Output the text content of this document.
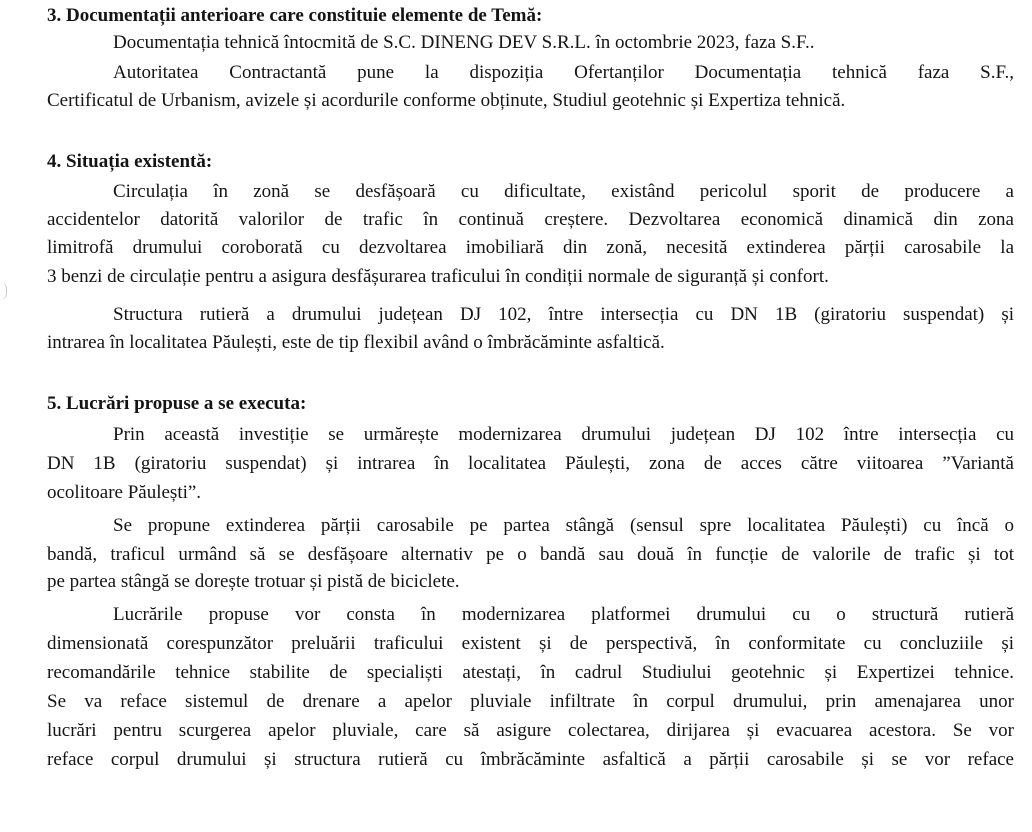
3. Documentații anterioare care constituie elemente de Temă:
Documentația tehnică întocmită de S.C. DINENG DEV S.R.L. în octombrie 2023, faza S.F..
Autoritatea Contractantă pune la dispoziția Ofertanților Documentația tehnică faza S.F.,
Certificatul de Urbanism, avizele și acordurile conforme obținute, Studiul geotehnic și Expertiza tehnică.
4. Situația existentă:
Circulația în zonă se desfășoară cu dificultate, existând pericolul sporit de producere a
accidentelor datorită valorilor de trafic în continuă creștere. Dezvoltarea economică dinamică din zona
limitrofă drumului coroborată cu dezvoltarea imobiliară din zonă, necesită extinderea părții carosabile la
3 benzi de circulație pentru a asigura desfășurarea traficului în condiții normale de siguranță și confort.
Structura rutieră a drumului județean DJ 102, între intersecția cu DN 1B (giratoriu suspendat) și
intrarea în localitatea Păulești, este de tip flexibil având o îmbrăcăminte asfaltică.
5. Lucrări propuse a se executa:
Prin această investiție se urmărește modernizarea drumului județean DJ 102 între intersecția cu
DN 1B (giratoriu suspendat) și intrarea în localitatea Păulești, zona de acces către viitoarea ”Variantă
ocolitoare Păulești”.
Se propune extinderea părții carosabile pe partea stângă (sensul spre localitatea Păulești) cu încă o
bandă, traficul urmând să se desfășoare alternativ pe o bandă sau două în funcție de valorile de trafic și tot
pe partea stângă se dorește trotuar și pistă de biciclete.
Lucrările propuse vor consta în modernizarea platformei drumului cu o structură rutieră
dimensionată corespunzător preluării traficului existent și de perspectivă, în conformitate cu concluziile și
recomandările tehnice stabilite de specialiști atestați, în cadrul Studiului geotehnic și Expertizei tehnice.
Se va reface sistemul de drenare a apelor pluviale infiltrate în corpul drumului, prin amenajarea unor
lucrări pentru scurgerea apelor pluviale, care să asigure colectarea, dirijarea și evacuarea acestora. Se vor
reface corpul drumului și structura rutieră cu îmbrăcăminte asfaltică a părții carosabile și se vor reface
